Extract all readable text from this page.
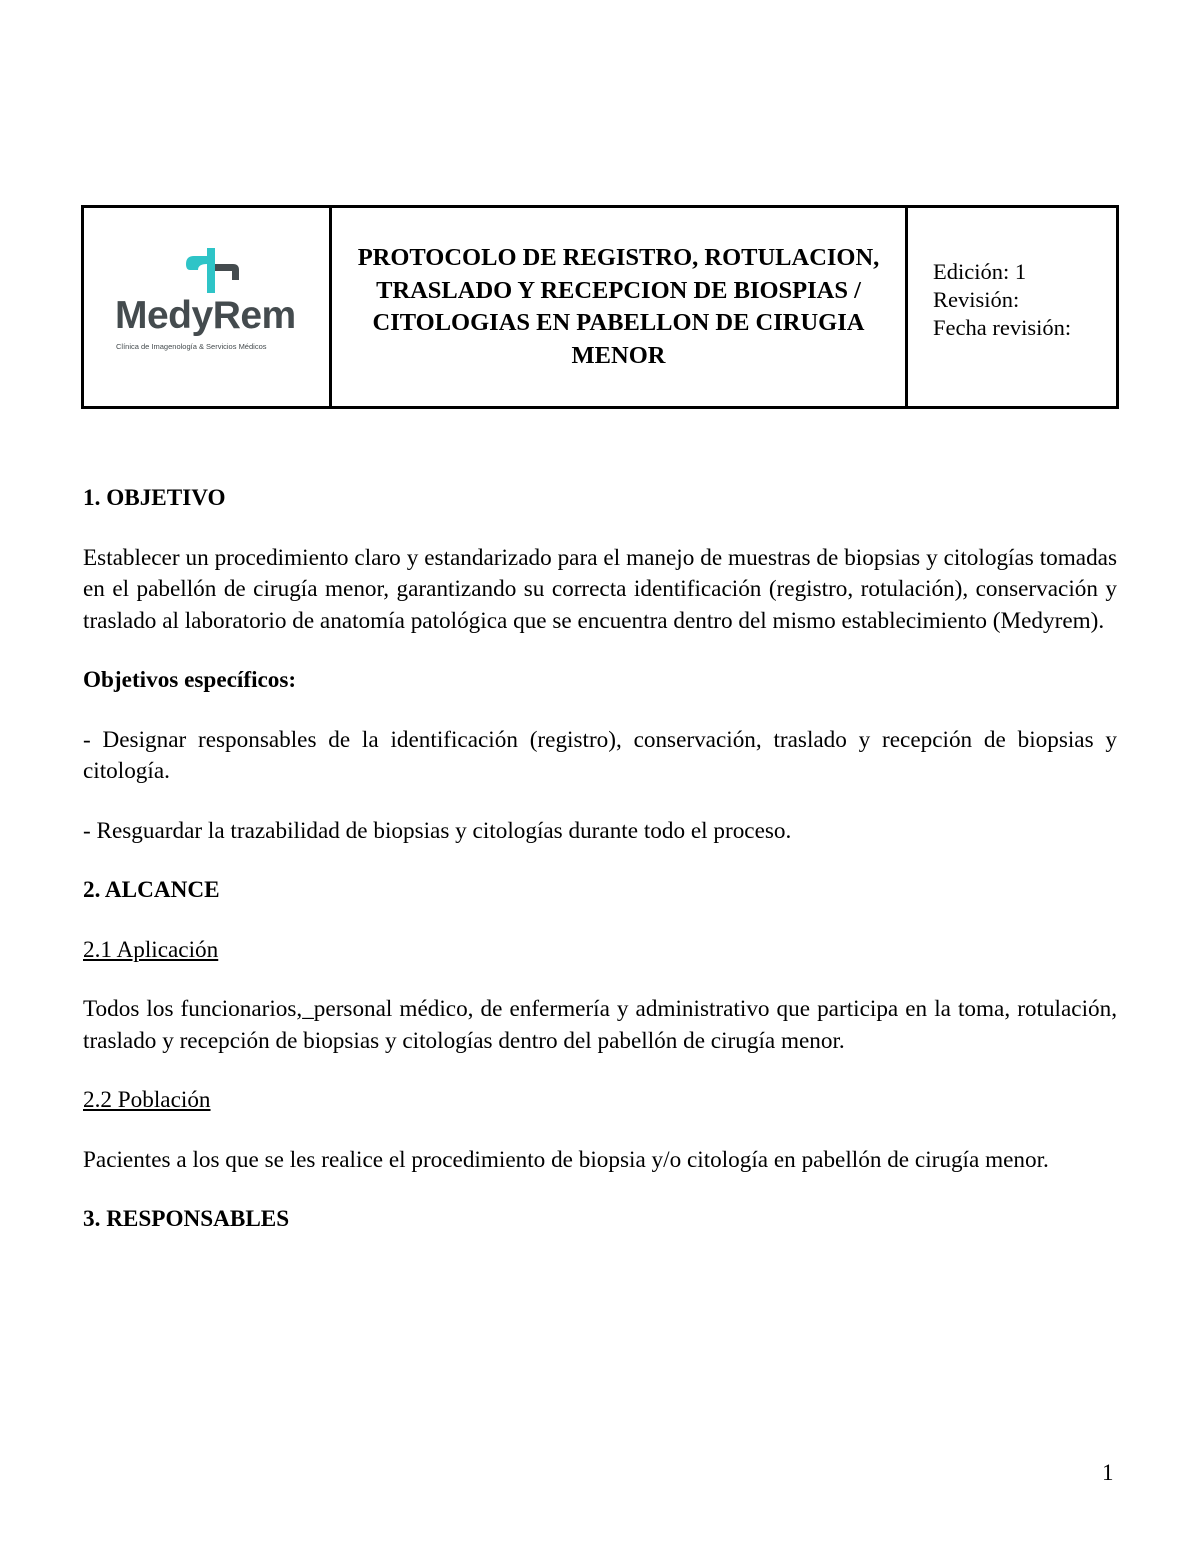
MedyRem
Clínica de Imagenología & Servicios Médicos
PROTOCOLO DE REGISTRO, ROTULACION, TRASLADO Y RECEPCION DE BIOSPIAS / CITOLOGIAS EN PABELLON DE CIRUGIA MENOR
Edición: 1
Revisión:
Fecha revisión:
1. OBJETIVO

Establecer un procedimiento claro y estandarizado para el manejo de muestras de biopsias y citologías tomadas en el pabellón de cirugía menor, garantizando su correcta identificación (registro, rotulación), conservación y traslado al laboratorio de anatomía patológica que se encuentra dentro del mismo establecimiento (Medyrem).

Objetivos específicos:

- Designar responsables de la identificación (registro), conservación, traslado y recepción de biopsias y citología.

- Resguardar la trazabilidad de biopsias y citologías durante todo el proceso.

2. ALCANCE

2.1 Aplicación

Todos los funcionarios,_personal médico, de enfermería y administrativo que participa en la toma, rotulación, traslado y recepción de biopsias y citologías dentro del pabellón de cirugía menor.

2.2 Población

Pacientes a los que se les realice el procedimiento de biopsia y/o citología en pabellón de cirugía menor.

3. RESPONSABLES
1
